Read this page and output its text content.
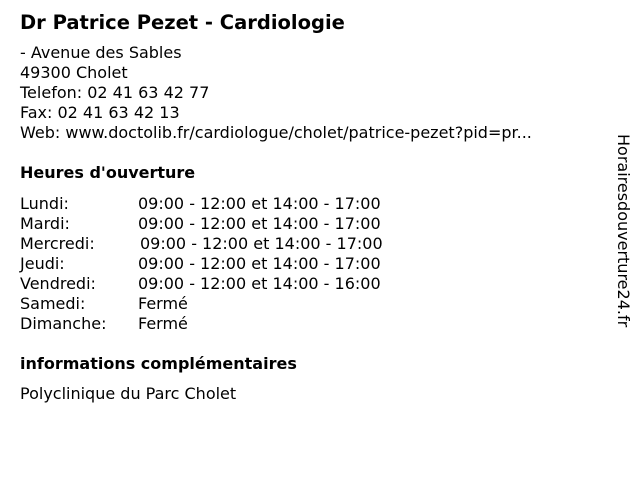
Dr Patrice Pezet - Cardiologie
- Avenue des Sables
49300 Cholet
Telefon: 02 41 63 42 77
Fax: 02 41 63 42 13
Web: www.doctolib.fr/cardiologue/cholet/patrice-pezet?pid=pr...
Heures d'ouverture
Lundi:	09:00 - 12:00 et 14:00 - 17:00
Mardi:	09:00 - 12:00 et 14:00 - 17:00
Mercredi:	09:00 - 12:00 et 14:00 - 17:00
Jeudi:	09:00 - 12:00 et 14:00 - 17:00
Vendredi:	09:00 - 12:00 et 14:00 - 16:00
Samedi:	Fermé
Dimanche: Fermé
informations complémentaires
Polyclinique du Parc Cholet
Horairesdouverture24.fr
